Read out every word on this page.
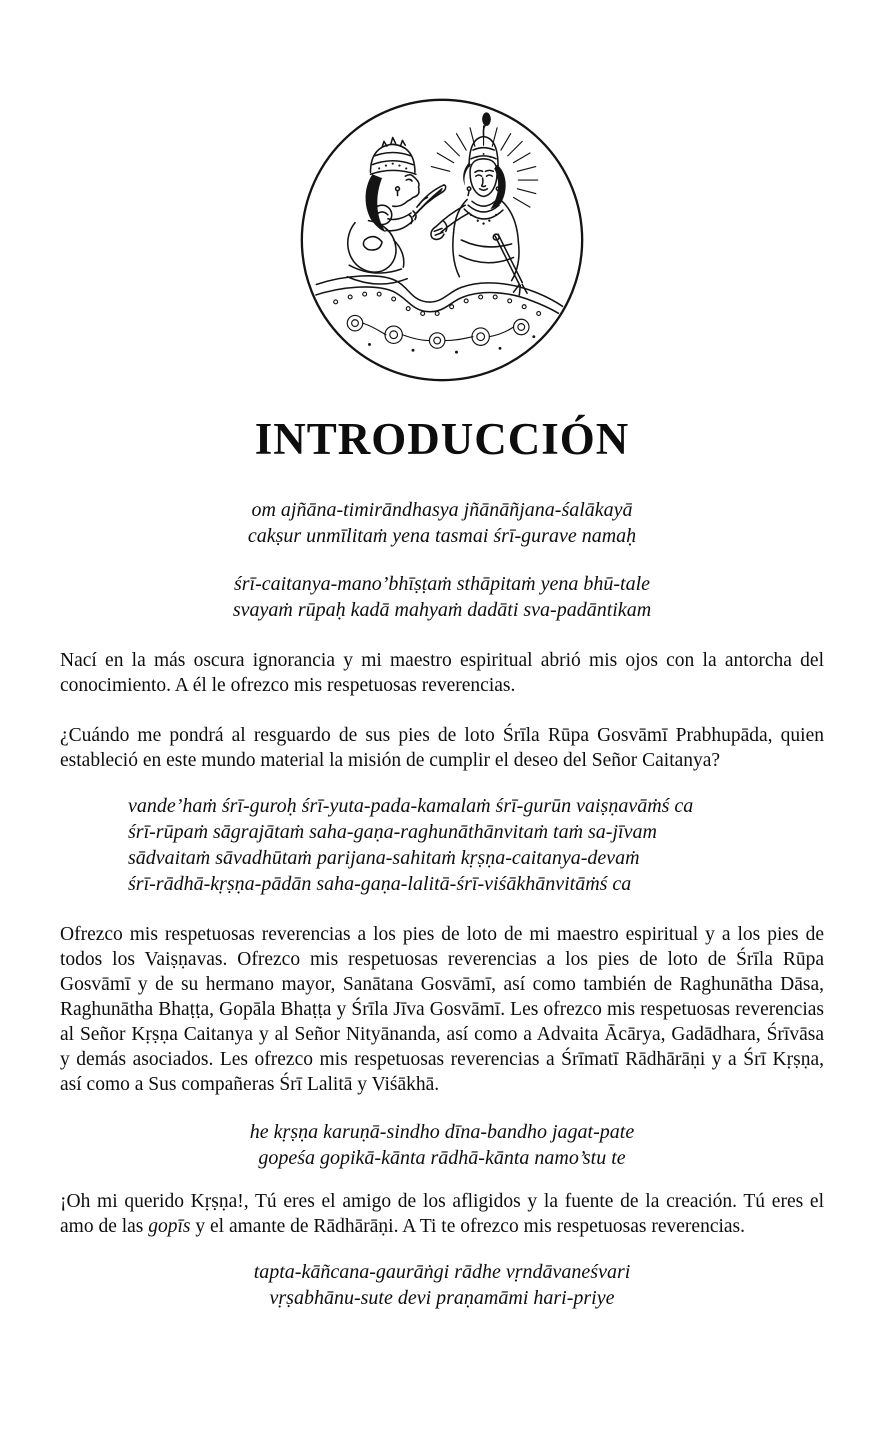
INTRODUCCIÓN
om ajñāna-timirāndhasya jñānāñjana-śalākayā
cakṣur unmīlitaṁ yena tasmai śrī-gurave namaḥ
śrī-caitanya-mano’bhīṣṭaṁ sthāpitaṁ yena bhū-tale
svayaṁ rūpaḥ kadā mahyaṁ dadāti sva-padāntikam

Nací en la más oscura ignorancia y mi maestro espiritual abrió mis ojos con la antorcha del conocimiento. A él le ofrezco mis respetuosas reverencias.

¿Cuándo me pondrá al resguardo de sus pies de loto Śrīla Rūpa Gosvāmī Prabhupāda, quien estableció en este mundo material la misión de cumplir el deseo del Señor Caitanya?

vande’haṁ śrī-guroḥ śrī-yuta-pada-kamalaṁ śrī-gurūn vaiṣṇavāṁś ca
śrī-rūpaṁ sāgrajātaṁ saha-gaṇa-raghunāthānvitaṁ taṁ sa-jīvam
sādvaitaṁ sāvadhūtaṁ parijana-sahitaṁ kṛṣṇa-caitanya-devaṁ
śrī-rādhā-kṛṣṇa-pādān saha-gaṇa-lalitā-śrī-viśākhānvitāṁś ca

Ofrezco mis respetuosas reverencias a los pies de loto de mi maestro espiritual y a los pies de todos los Vaiṣṇavas. Ofrezco mis respetuosas reverencias a los pies de loto de Śrīla Rūpa Gosvāmī y de su hermano mayor, Sanātana Gosvāmī, así como también de Raghunātha Dāsa, Raghunātha Bhaṭṭa, Gopāla Bhaṭṭa y Śrīla Jīva Gosvāmī. Les ofrezco mis respetuosas reverencias al Señor Kṛṣṇa Caitanya y al Señor Nityānanda, así como a Advaita Ācārya, Gadādhara, Śrīvāsa y demás asociados. Les ofrezco mis respetuosas reverencias a Śrīmatī Rādhārāṇi y a Śrī Kṛṣṇa, así como a Sus compañeras Śrī Lalitā y Viśākhā.

he kṛṣṇa karuṇā-sindho dīna-bandho jagat-pate
gopeśa gopikā-kānta rādhā-kānta namo’stu te

¡Oh mi querido Kṛṣṇa!, Tú eres el amigo de los afligidos y la fuente de la creación. Tú eres el amo de las gopīs y el amante de Rādhārāṇi. A Ti te ofrezco mis respetuosas reverencias.

tapta-kāñcana-gaurāṅgi rādhe vṛndāvaneśvari
vṛṣabhānu-sute devi praṇamāmi hari-priye
